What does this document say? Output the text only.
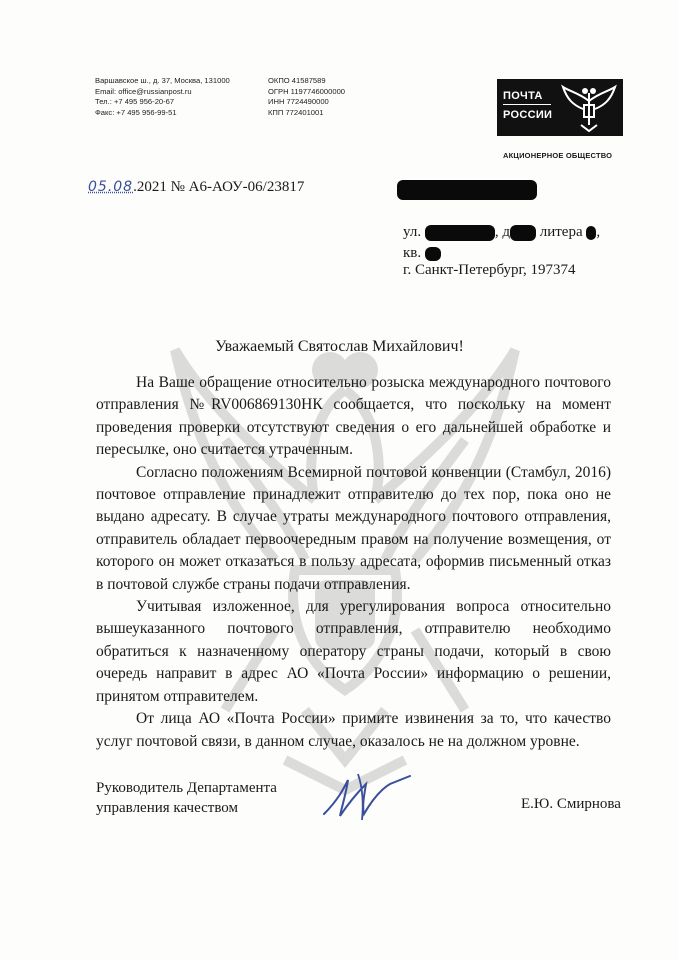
Варшавское ш., д. 37, Москва, 131000
Email: office@russianpost.ru
Тел.: +7 495 956-20-67
Факс: +7 495 956-99-51
ОКПО 41587589
ОГРН 1197746000000
ИНН 7724490000
КПП 772401001
ПОЧТА
РОССИИ
АКЦИОНЕРНОЕ ОБЩЕСТВО
05.08.2021 № А6-АОУ-06/23817
ул.	, д литера ,
кв.
г. Санкт-Петербург, 197374
Уважаемый Святослав Михайлович!

На Ваше обращение относительно розыска международного почтового отправления №RV006869130НК сообщается, что поскольку на момент проведения проверки отсутствуют сведения о его дальнейшей обработке и пересылке, оно считается утраченным.

Согласно положениям Всемирной почтовой конвенции (Стамбул, 2016) почтовое отправление принадлежит отправителю до тех пор, пока оно не выдано адресату. В случае утраты международного почтового отправления, отправитель обладает первоочередным правом на получение возмещения, от которого он может отказаться в пользу адресата, оформив письменный отказ в почтовой службе страны подачи отправления.

Учитывая изложенное, для урегулирования вопроса относительно вышеуказанного почтового отправления, отправителю необходимо обратиться к назначенному оператору страны подачи, который в свою очередь направит в адрес АО «Почта России» информацию о решении, принятом отправителем.

От лица АО «Почта России» примите извинения за то, что качество услуг почтовой связи, в данном случае, оказалось не на должном уровне.

Руководитель Департамента
управления качеством	Е.Ю. Смирнова
